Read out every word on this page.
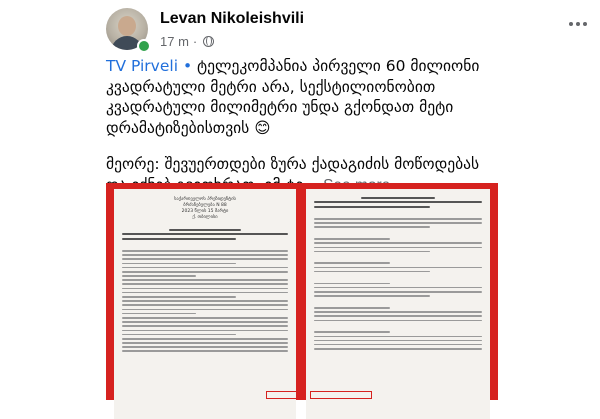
Levan Nikoleishvili
17 m ·

TV Pirveli • ტელეკომპანია პირველი 60 მილიონი კვადრატული მეტრი არა, სექსტილიონობით კვადრატული მილიმეტრი უნდა გქონდათ მეტი დრამატიზებისთვის 😊

მეორე: შევუერთდები ზურა ქადაგიძის მოწოდებას

საქართველოს პრეზიდენტის
ბრძანებულება N 88
2023 წლის 15 მარტი
ქ. თბილისი
